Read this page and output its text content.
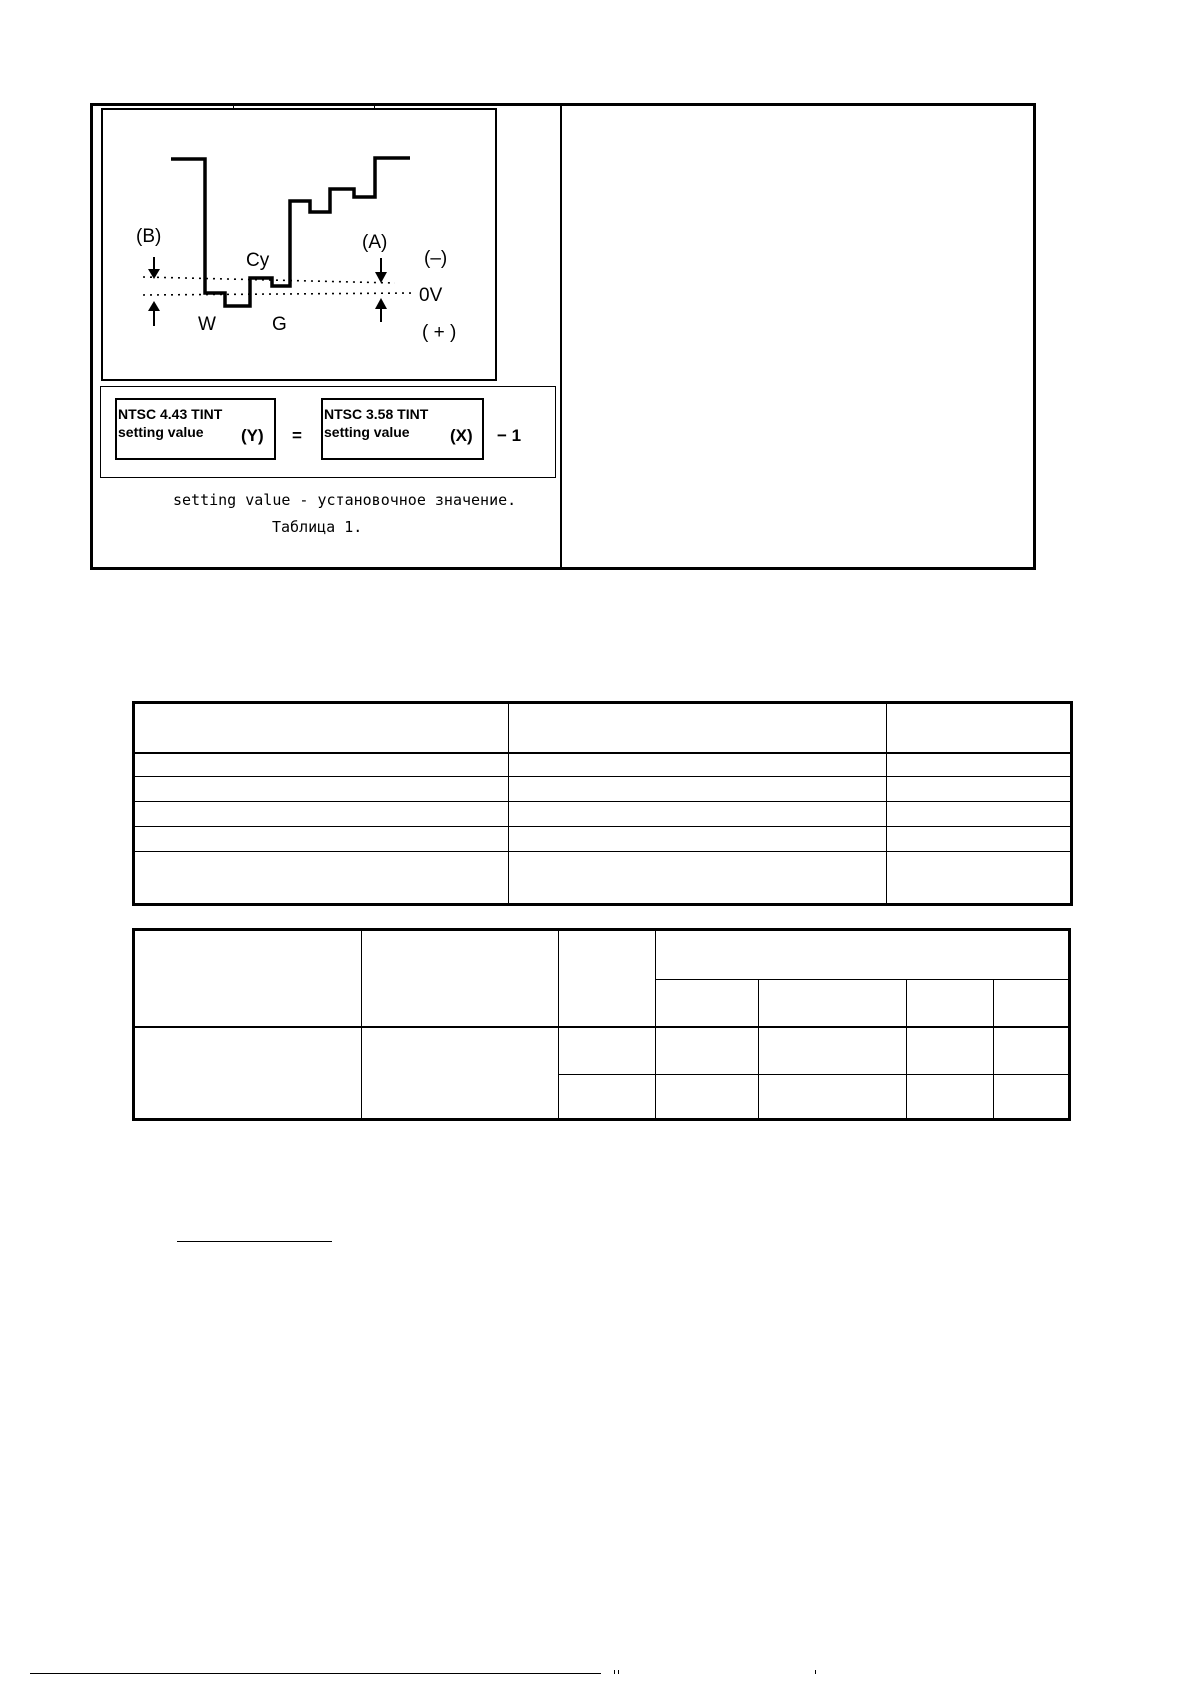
(B)	(A)
Cy	(–)
0V
( + )
W	G
NTSC 4.43 TINT
setting value	(Y) =
NTSC 3.58 TINT
setting value	(X) − 1
setting value - установочное значение.
Таблица 1.
